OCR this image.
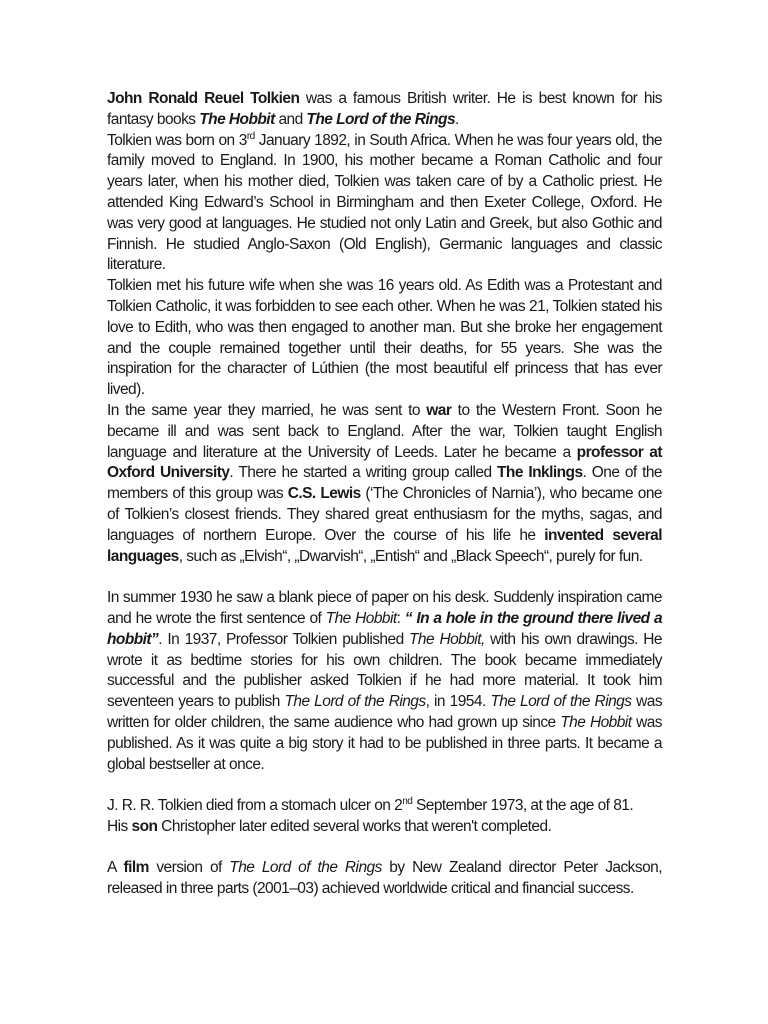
John Ronald Reuel Tolkien was a famous British writer. He is best known for his fantasy books The Hobbit and The Lord of the Rings.

Tolkien was born on 3rd January 1892, in South Africa. When he was four years old, the family moved to England. In 1900, his mother became a Roman Catholic and four years later, when his mother died, Tolkien was taken care of by a Catholic priest. He attended King Edward’s School in Birmingham and then Exeter College, Oxford. He was very good at languages. He studied not only Latin and Greek, but also Gothic and Finnish. He studied Anglo-Saxon (Old English), Germanic languages and classic literature.

Tolkien met his future wife when she was 16 years old. As Edith was a Protestant and Tolkien Catholic, it was forbidden to see each other. When he was 21, Tolkien stated his love to Edith, who was then engaged to another man. But she broke her engagement and the couple remained together until their deaths, for 55 years. She was the inspiration for the character of Lúthien (the most beautiful elf princess that has ever lived).

In the same year they married, he was sent to war to the Western Front. Soon he became ill and was sent back to England. After the war, Tolkien taught English language and literature at the University of Leeds. Later he became a professor at Oxford University. There he started a writing group called The Inklings. One of the members of this group was C.S. Lewis (‘The Chronicles of Narnia’), who became one of Tolkien’s closest friends. They shared great enthusiasm for the myths, sagas, and languages of northern Europe. Over the course of his life he invented several languages, such as „Elvish“, „Dwarvish“, „Entish“ and „Black Speech“, purely for fun.

In summer 1930 he saw a blank piece of paper on his desk. Suddenly inspiration came and he wrote the first sentence of The Hobbit: “ In a hole in the ground there lived a hobbit”. In 1937, Professor Tolkien published The Hobbit, with his own drawings. He wrote it as bedtime stories for his own children. The book became immediately successful and the publisher asked Tolkien if he had more material. It took him seventeen years to publish The Lord of the Rings, in 1954. The Lord of the Rings was written for older children, the same audience who had grown up since The Hobbit was published. As it was quite a big story it had to be published in three parts. It became a global bestseller at once.

J. R. R. Tolkien died from a stomach ulcer on 2nd September 1973, at the age of 81.

His son Christopher later edited several works that weren't completed.

A film version of The Lord of the Rings by New Zealand director Peter Jackson, released in three parts (2001–03) achieved worldwide critical and financial success.
